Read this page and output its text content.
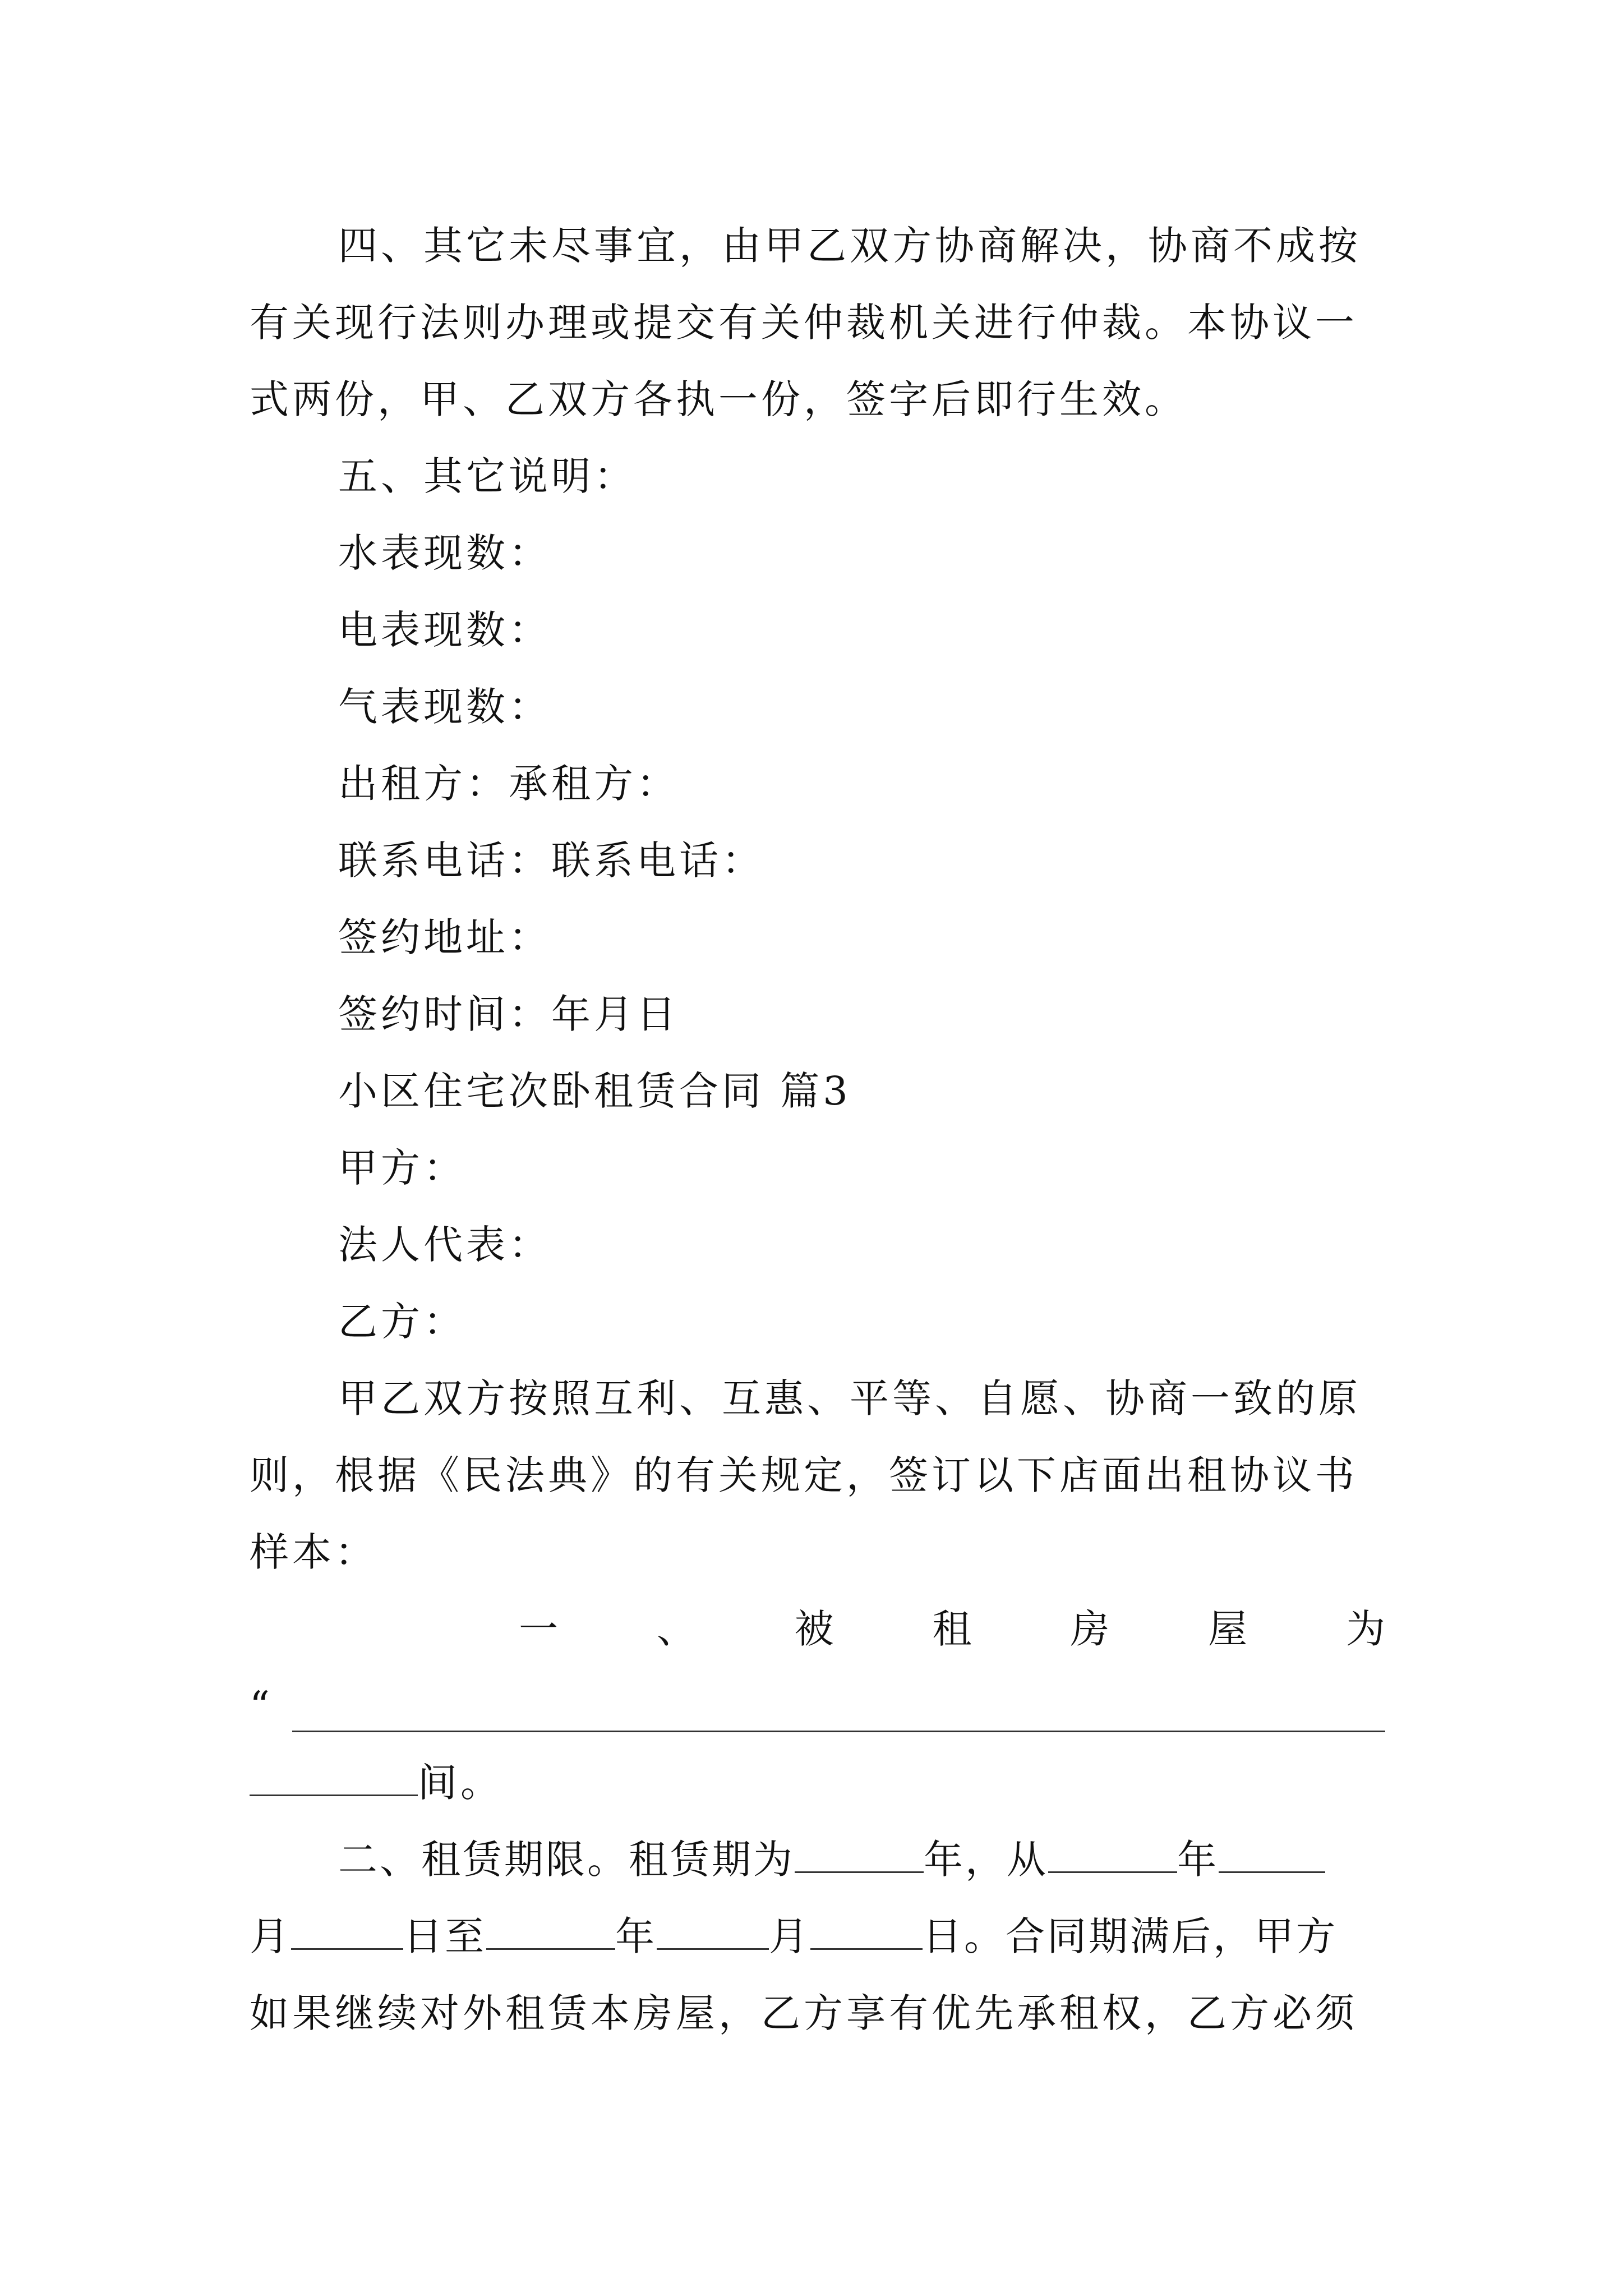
四、其它未尽事宜，由甲乙双方协商解决，协商不成按
有关现行法则办理或提交有关仲裁机关进行仲裁。本协议一
式两份，甲、乙双方各执一份，签字后即行生效。
五、其它说明：
水表现数：
电表现数：
气表现数：
出租方：承租方：
联系电话：联系电话：
签约地址：
签约时间：年月日
小区住宅次卧租赁合同 篇3
甲方：
法人代表：
乙方：
甲乙双方按照互利、互惠、平等、自愿、协商一致的原
则，根据《民法典》的有关规定，签订以下店面出租协议书
样本：
一	、	被	租	房	屋	为
“
间。
二、租赁期限。租赁期为	年，从	年
月	日至	年	月	日。合同期满后，甲方
如果继续对外租赁本房屋，乙方享有优先承租权，乙方必须
